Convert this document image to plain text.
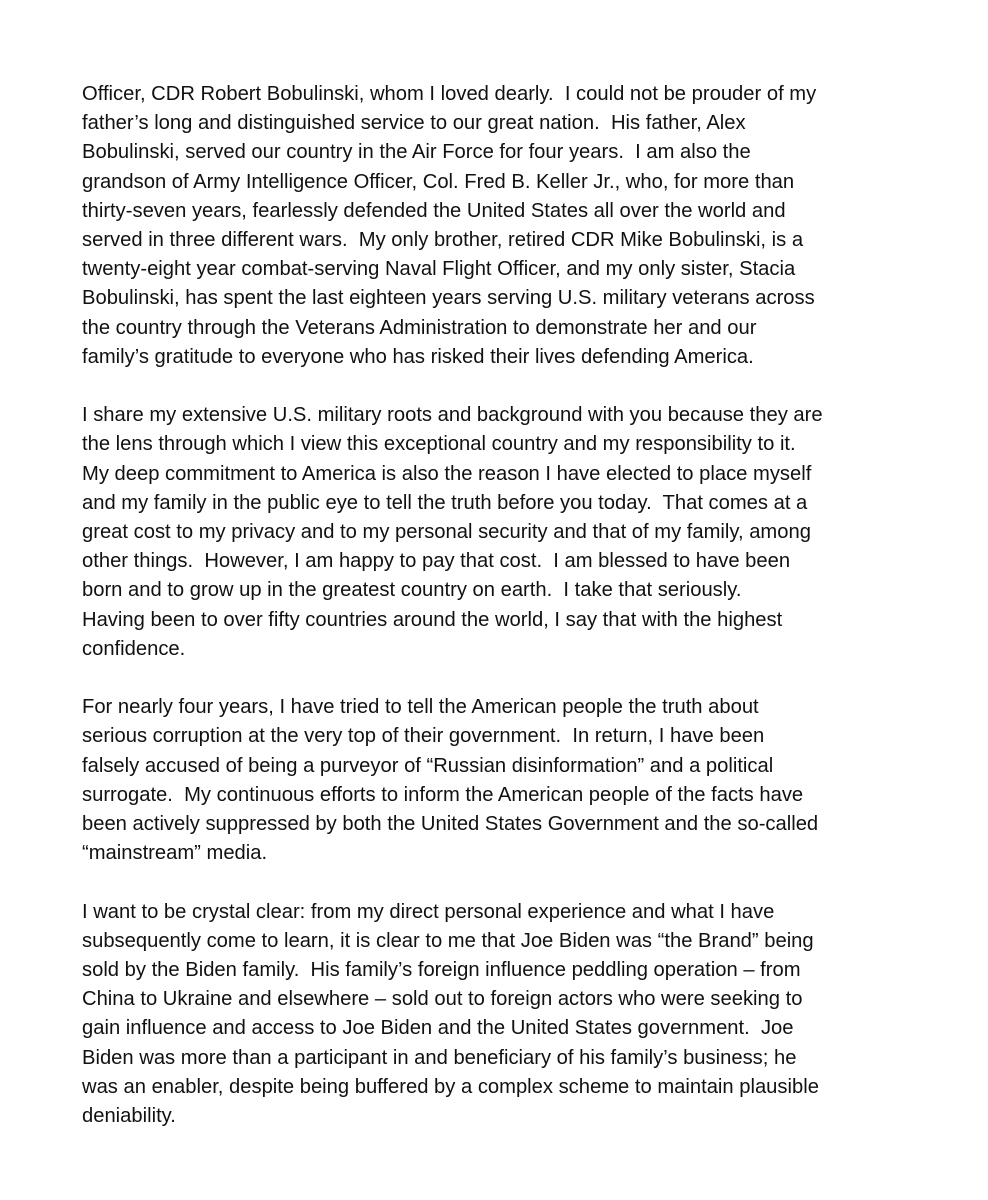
Officer, CDR Robert Bobulinski, whom I loved dearly.  I could not be prouder of my
father’s long and distinguished service to our great nation.  His father, Alex
Bobulinski, served our country in the Air Force for four years.  I am also the
grandson of Army Intelligence Officer, Col. Fred B. Keller Jr., who, for more than
thirty-seven years, fearlessly defended the United States all over the world and
served in three different wars.  My only brother, retired CDR Mike Bobulinski, is a
twenty-eight year combat-serving Naval Flight Officer, and my only sister, Stacia
Bobulinski, has spent the last eighteen years serving U.S. military veterans across
the country through the Veterans Administration to demonstrate her and our
family’s gratitude to everyone who has risked their lives defending America.

I share my extensive U.S. military roots and background with you because they are
the lens through which I view this exceptional country and my responsibility to it.
My deep commitment to America is also the reason I have elected to place myself
and my family in the public eye to tell the truth before you today.  That comes at a
great cost to my privacy and to my personal security and that of my family, among
other things.  However, I am happy to pay that cost.  I am blessed to have been
born and to grow up in the greatest country on earth.  I take that seriously.
Having been to over fifty countries around the world, I say that with the highest
confidence.

For nearly four years, I have tried to tell the American people the truth about
serious corruption at the very top of their government.  In return, I have been
falsely accused of being a purveyor of “Russian disinformation” and a political
surrogate.  My continuous efforts to inform the American people of the facts have
been actively suppressed by both the United States Government and the so-called
“mainstream” media.

I want to be crystal clear: from my direct personal experience and what I have
subsequently come to learn, it is clear to me that Joe Biden was “the Brand” being
sold by the Biden family.  His family’s foreign influence peddling operation – from
China to Ukraine and elsewhere – sold out to foreign actors who were seeking to
gain influence and access to Joe Biden and the United States government.  Joe
Biden was more than a participant in and beneficiary of his family’s business; he
was an enabler, despite being buffered by a complex scheme to maintain plausible
deniability.
